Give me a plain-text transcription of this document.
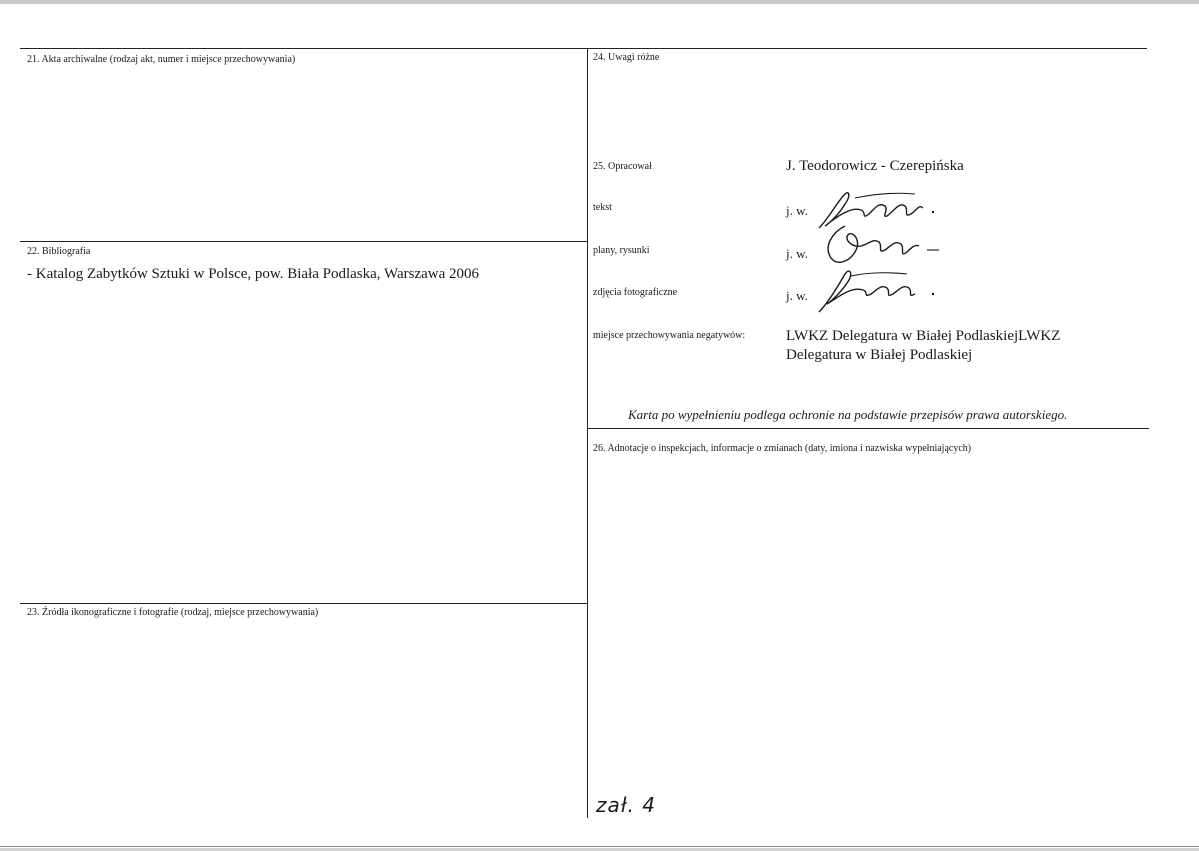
21. Akta archiwalne (rodzaj akt, numer i miejsce przechowywania)
22. Bibliografia
- Katalog Zabytków Sztuki w Polsce, pow. Biała Podlaska, Warszawa 2006
23. Źródła ikonograficzne i fotografie (rodzaj, miejsce przechowywania)
24. Uwagi różne
25. Opracował	J. Teodorowicz - Czerepińska
tekst	j. w.
plany, rysunki	j. w.
zdjęcia fotograficzne	j. w.
miejsce przechowywania negatywów:	LWKZ Delegatura w Białej PodlaskiejLWKZ
Delegatura w Białej Podlaskiej
Karta po wypełnieniu podlega ochronie na podstawie przepisów prawa autorskiego.
26. Adnotacje o inspekcjach, informacje o zmianach (daty, imiona i nazwiska wypełniających)
zał. 4
